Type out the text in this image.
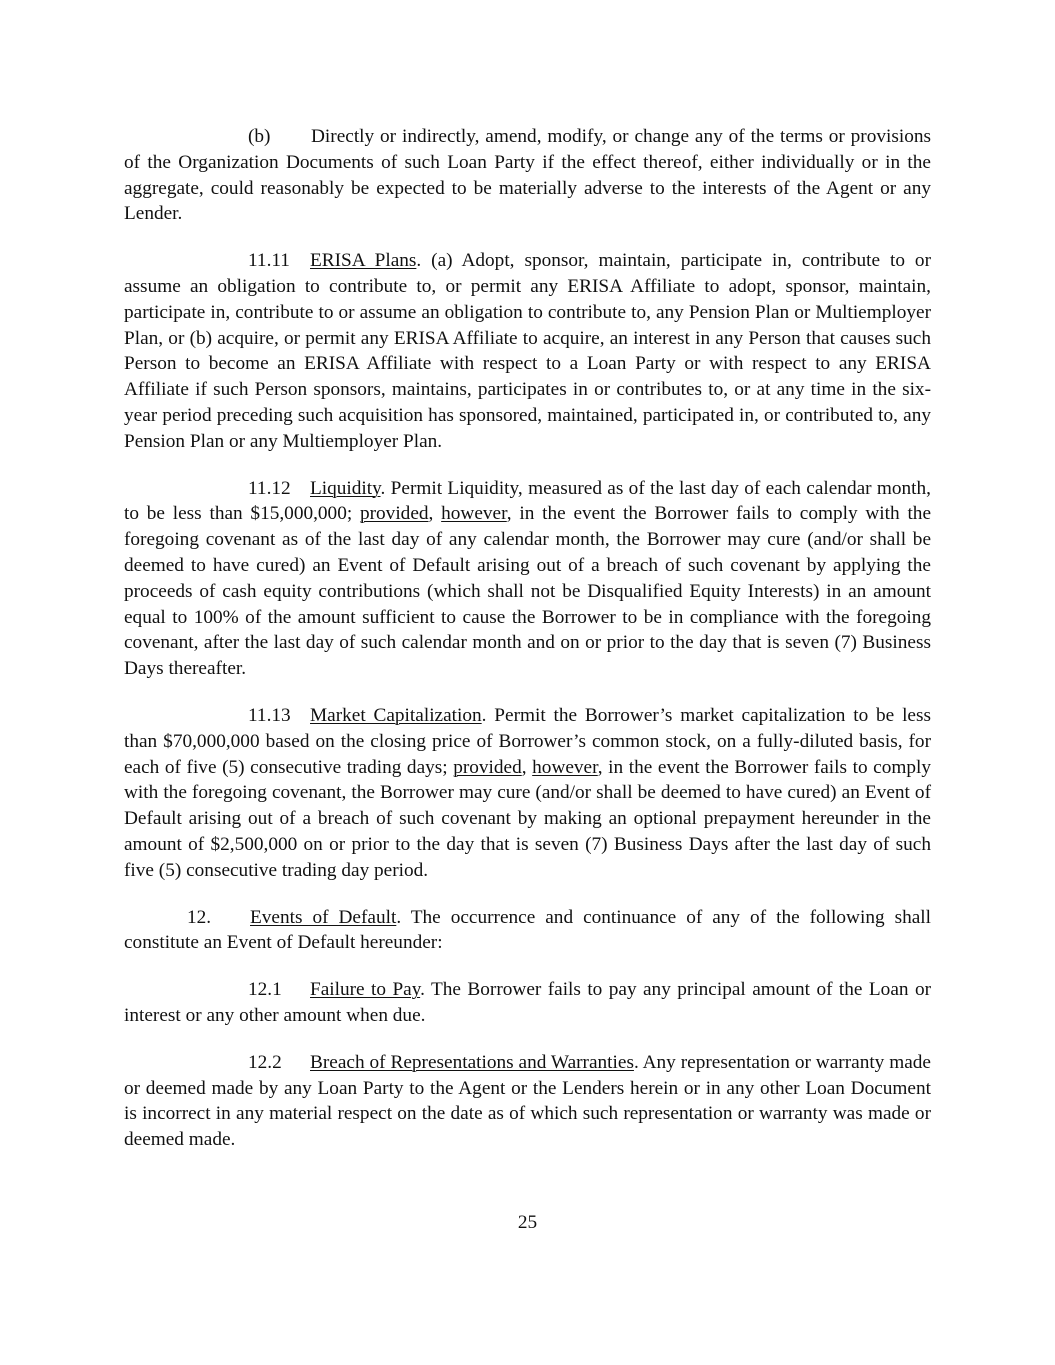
(b) Directly or indirectly, amend, modify, or change any of the terms or provisions of the Organization Documents of such Loan Party if the effect thereof, either individually or in the aggregate, could reasonably be expected to be materially adverse to the interests of the Agent or any Lender.

11.11 ERISA Plans. (a) Adopt, sponsor, maintain, participate in, contribute to or assume an obligation to contribute to, or permit any ERISA Affiliate to adopt, sponsor, maintain, participate in, contribute to or assume an obligation to contribute to, any Pension Plan or Multiemployer Plan, or (b) acquire, or permit any ERISA Affiliate to acquire, an interest in any Person that causes such Person to become an ERISA Affiliate with respect to a Loan Party or with respect to any ERISA Affiliate if such Person sponsors, maintains, participates in or contributes to, or at any time in the six-year period preceding such acquisition has sponsored, maintained, participated in, or contributed to, any Pension Plan or any Multiemployer Plan.

11.12 Liquidity. Permit Liquidity, measured as of the last day of each calendar month, to be less than $15,000,000; provided, however, in the event the Borrower fails to comply with the foregoing covenant as of the last day of any calendar month, the Borrower may cure (and/or shall be deemed to have cured) an Event of Default arising out of a breach of such covenant by applying the proceeds of cash equity contributions (which shall not be Disqualified Equity Interests) in an amount equal to 100% of the amount sufficient to cause the Borrower to be in compliance with the foregoing covenant, after the last day of such calendar month and on or prior to the day that is seven (7) Business Days thereafter.

11.13 Market Capitalization. Permit the Borrower’s market capitalization to be less than $70,000,000 based on the closing price of Borrower’s common stock, on a fully-diluted basis, for each of five (5) consecutive trading days; provided, however, in the event the Borrower fails to comply with the foregoing covenant, the Borrower may cure (and/or shall be deemed to have cured) an Event of Default arising out of a breach of such covenant by making an optional prepayment hereunder in the amount of $2,500,000 on or prior to the day that is seven (7) Business Days after the last day of such five (5) consecutive trading day period.

12. Events of Default. The occurrence and continuance of any of the following shall constitute an Event of Default hereunder:

12.1 Failure to Pay. The Borrower fails to pay any principal amount of the Loan or interest or any other amount when due.

12.2 Breach of Representations and Warranties. Any representation or warranty made or deemed made by any Loan Party to the Agent or the Lenders herein or in any other Loan Document is incorrect in any material respect on the date as of which such representation or warranty was made or deemed made.

25
